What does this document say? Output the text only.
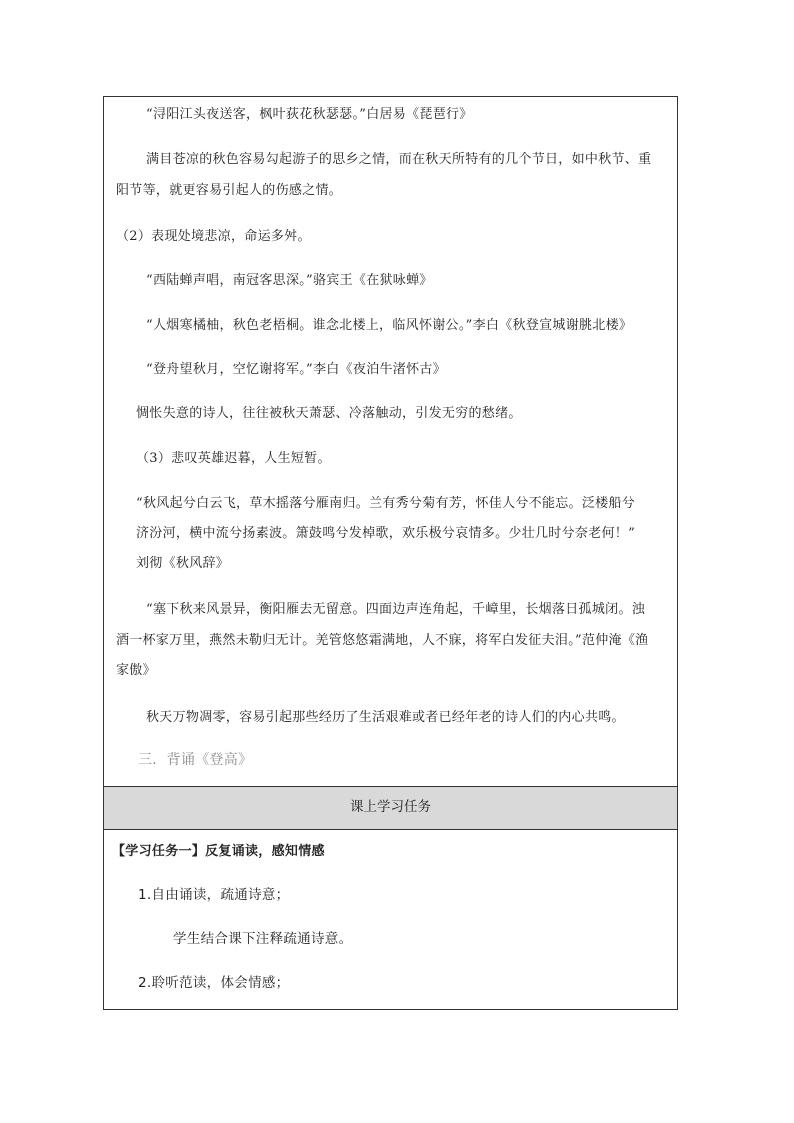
“浔阳江头夜送客，枫叶荻花秋瑟瑟。”白居易《琵琶行》
满目苍凉的秋色容易勾起游子的思乡之情，而在秋天所特有的几个节日，如中秋节、重
阳节等，就更容易引起人的伤感之情。
（2）表现处境悲凉，命运多舛。
“西陆蝉声唱，南冠客思深。”骆宾王《在狱咏蝉》
“人烟寒橘柚，秋色老梧桐。谁念北楼上，临风怀谢公。”李白《秋登宣城谢朓北楼》
“登舟望秋月，空忆谢将军。”李白《夜泊牛渚怀古》
惆怅失意的诗人，往往被秋天萧瑟、冷落触动，引发无穷的愁绪。
（3）悲叹英雄迟暮，人生短暂。
“秋风起兮白云飞，草木摇落兮雁南归。兰有秀兮菊有芳，怀佳人兮不能忘。泛楼船兮
济汾河，横中流兮扬素波。箫鼓鸣兮发棹歌，欢乐极兮哀情多。少壮几时兮奈老何！”
刘彻《秋风辞》
“塞下秋来风景异，衡阳雁去无留意。四面边声连角起，千嶂里，长烟落日孤城闭。浊
酒一杯家万里，燕然未勒归无计。羌管悠悠霜满地，人不寐，将军白发征夫泪。”范仲淹《渔
家傲》
秋天万物凋零，容易引起那些经历了生活艰难或者已经年老的诗人们的内心共鸣。
三．背诵《登高》
课上学习任务
【学习任务一】反复诵读，感知情感
1.自由诵读，疏通诗意；
学生结合课下注释疏通诗意。
2.聆听范读，体会情感；
